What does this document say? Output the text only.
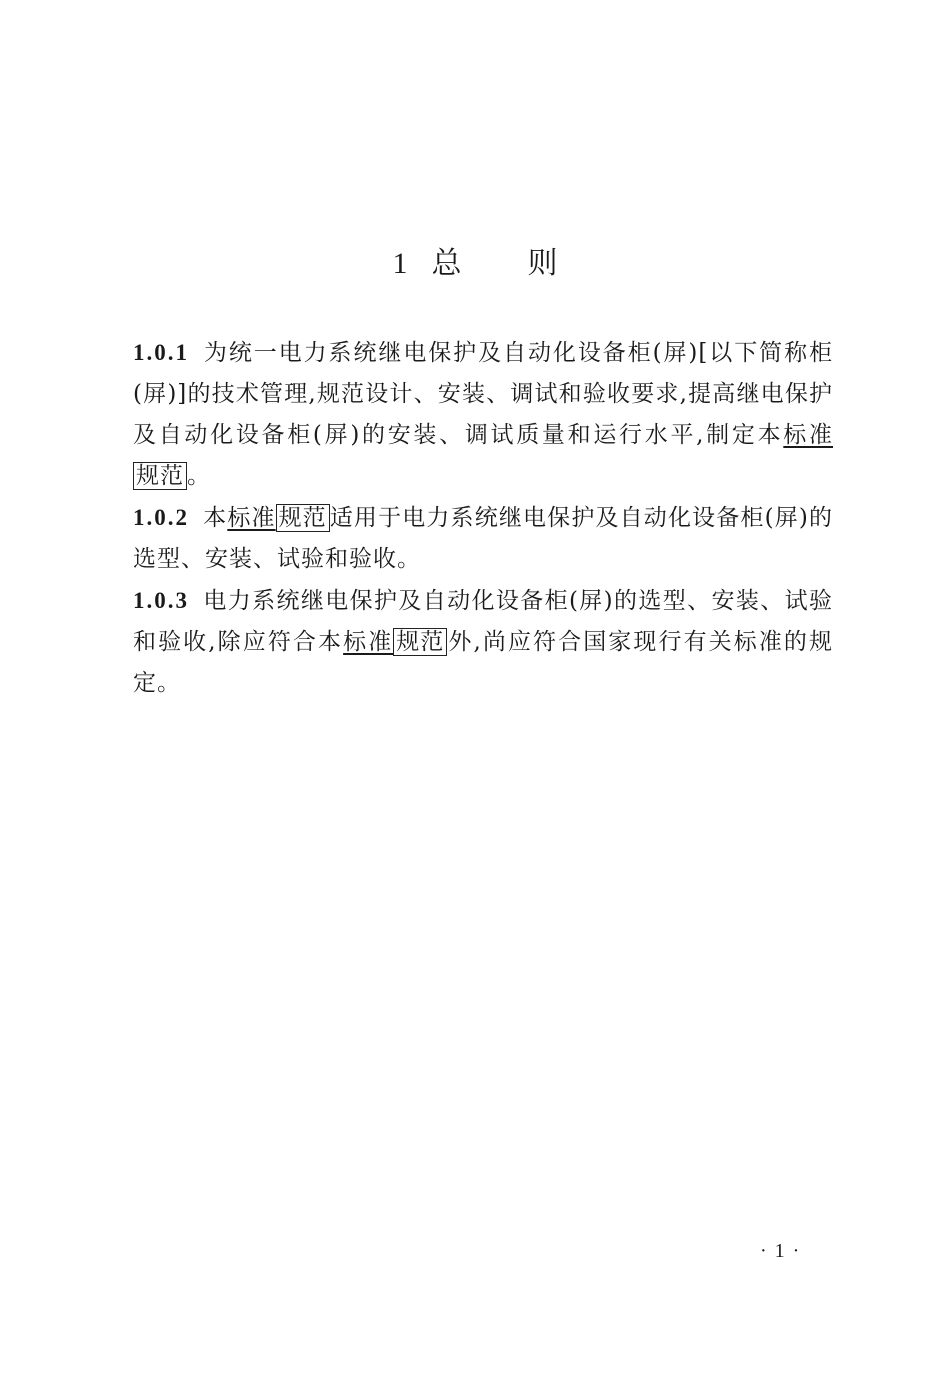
1 总 则

1.0.1 为统一电力系统继电保护及自动化设备柜(屏)[以下简称柜(屏)]的技术管理,规范设计、安装、调试和验收要求,提高继电保护及自动化设备柜(屏)的安装、调试质量和运行水平,制定本标准规范 。

1.0.2 本标准 规范 适用于电力系统继电保护及自动化设备柜(屏)的选型、安装、试验和验收。

1.0.3 电力系统继电保护及自动化设备柜(屏)的选型、安装、试验和验收,除应符合本标准 规范 外,尚应符合国家现行有关标准的规定。

·1·
